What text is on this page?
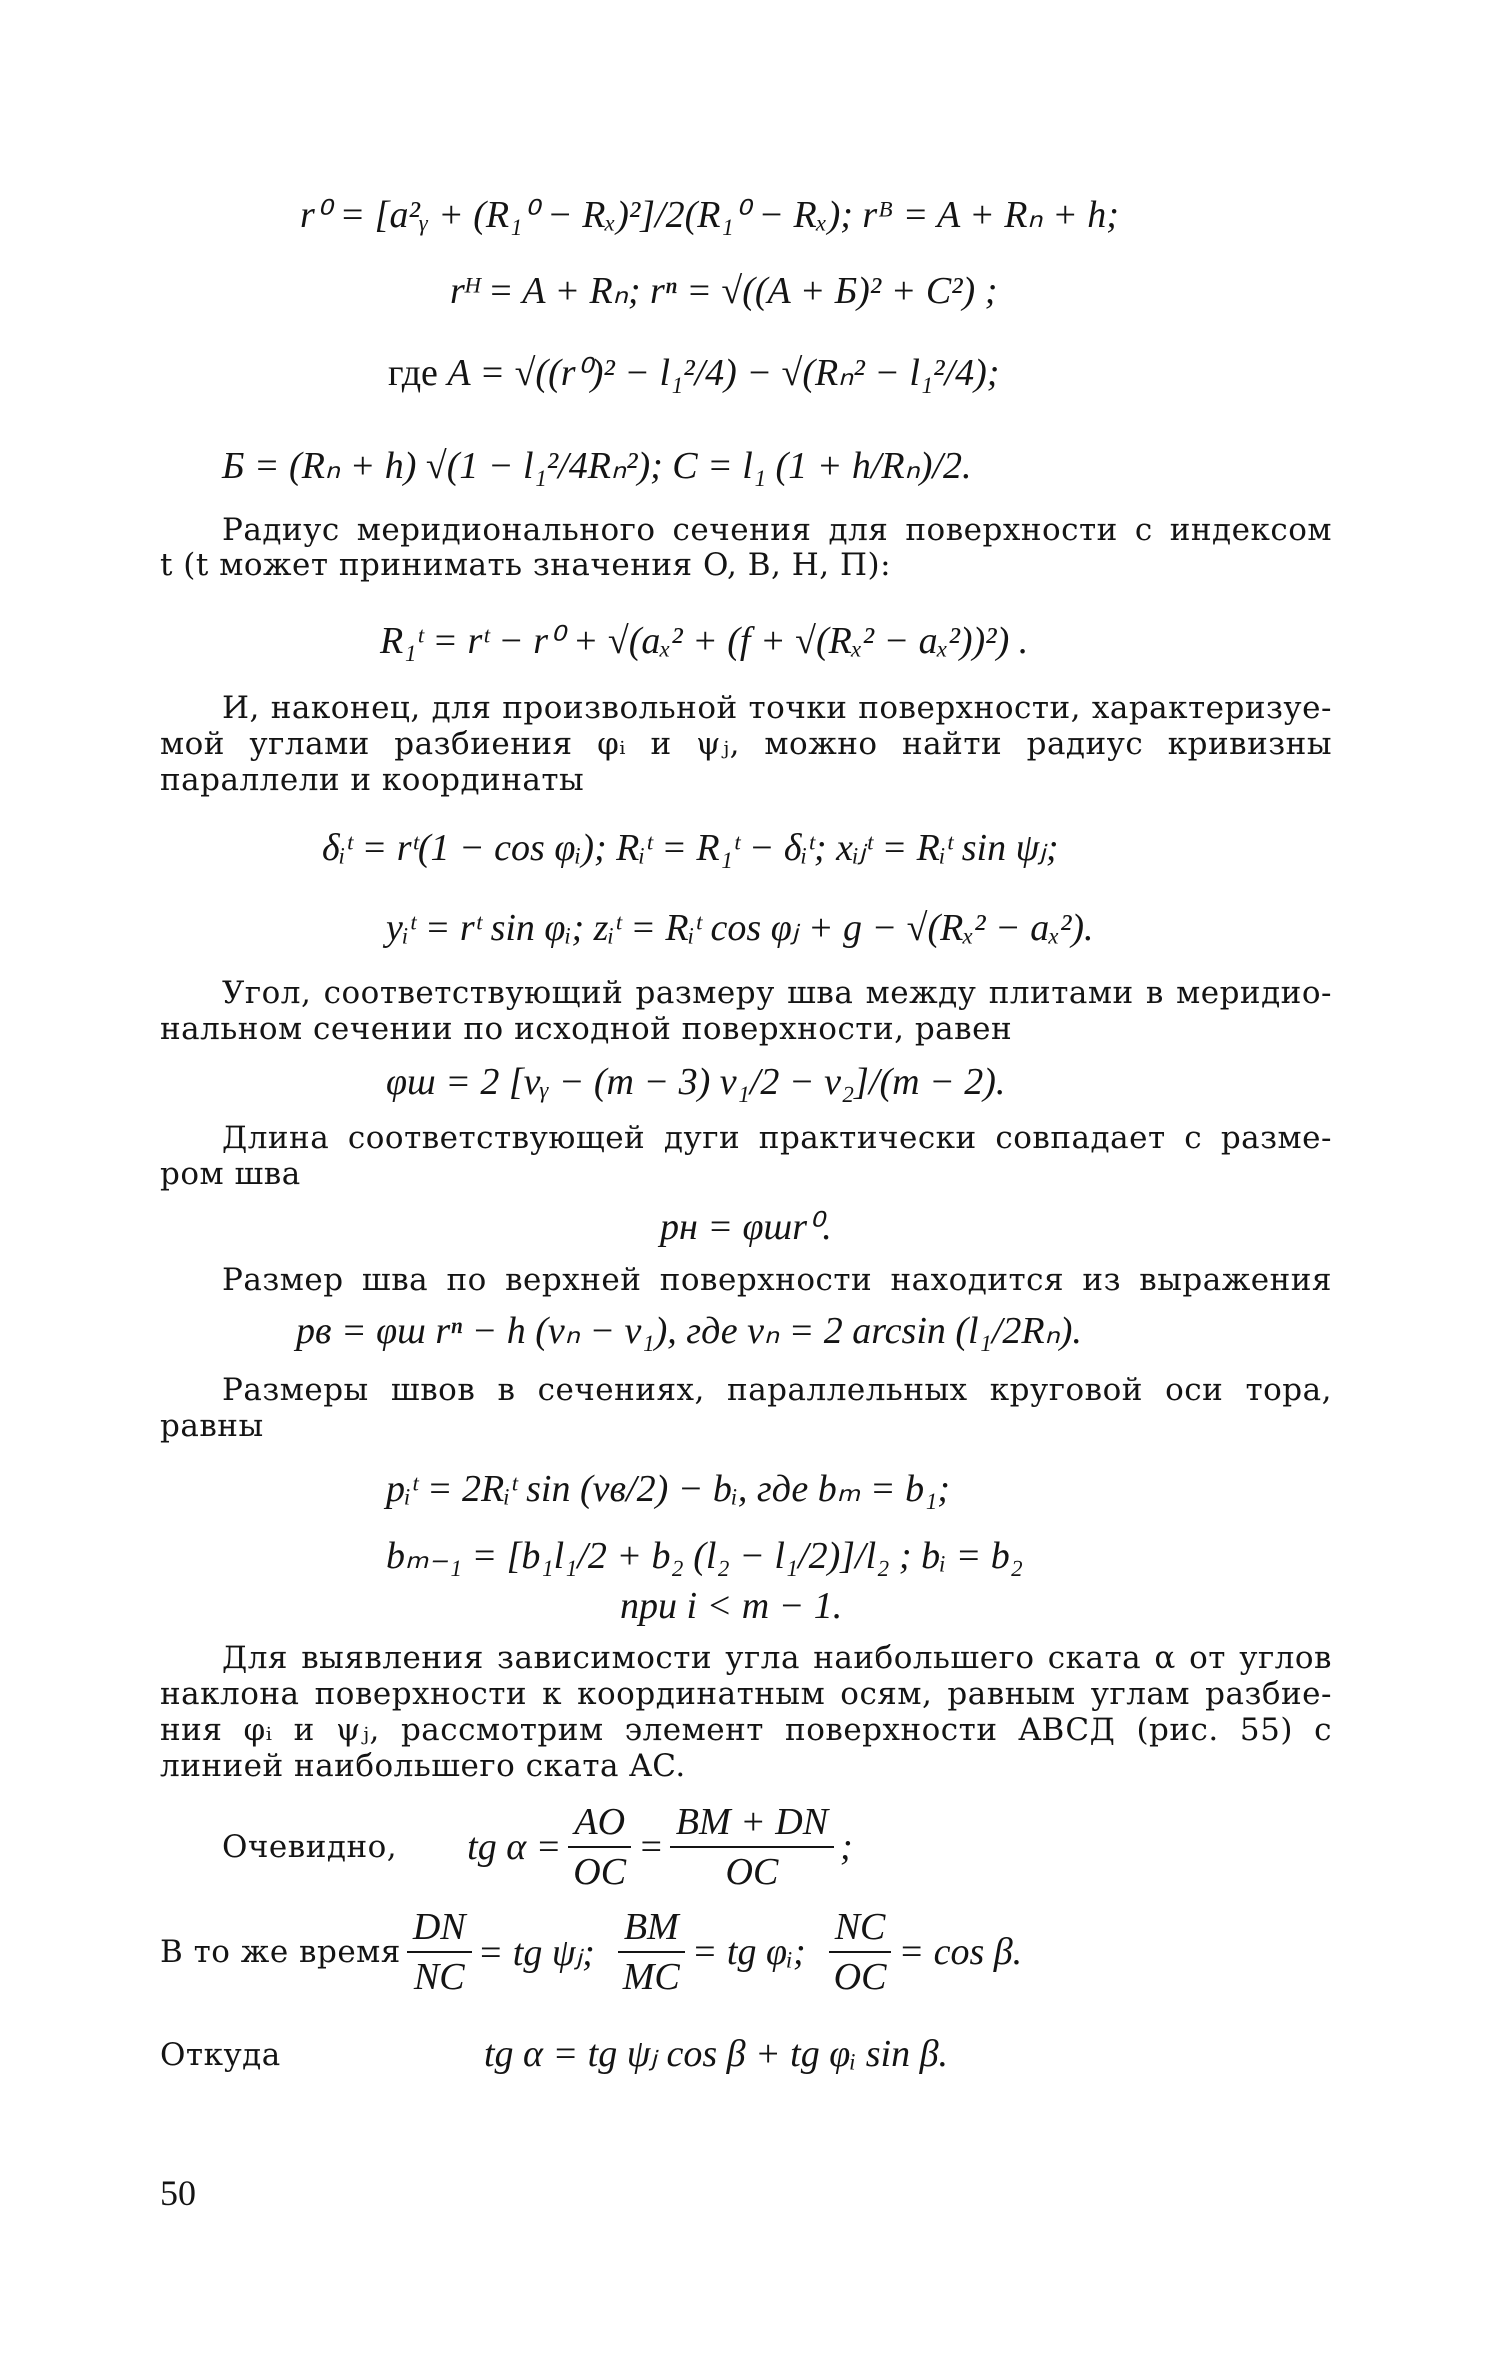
r⁰ = [a²ᵧ + (R₁⁰ − Rₓ)²]/2(R₁⁰ − Rₓ); rᴮ = A + Rₙ + h;
rᴴ = A + Rₙ; rⁿ = √((A + Б)² + C²) ;
где A = √((r⁰)² − l₁²/4) − √(Rₙ² − l₁²/4);
Б = (Rₙ + h) √(1 − l₁²/4Rₙ²); C = l₁ (1 + h/Rₙ)/2.
Радиус меридионального сечения для поверхности с индексом
t (t может принимать значения O, B, H, П):
R₁ᵗ = rᵗ − r⁰ + √(aₓ² + (f + √(Rₓ² − aₓ²))²) .
И, наконец, для произвольной точки поверхности, характеризуе-
мой углами разбиения φᵢ и ψⱼ, можно найти радиус кривизны
параллели и координаты
δᵢᵗ = rᵗ(1 − cos φᵢ); Rᵢᵗ = R₁ᵗ − δᵢᵗ; xᵢⱼᵗ = Rᵢᵗ sin ψⱼ;
yᵢᵗ = rᵗ sin φᵢ; zᵢᵗ = Rᵢᵗ cos φⱼ + g − √(Rₓ² − aₓ²).
Угол, соответствующий размеру шва между плитами в меридио-
нальном сечении по исходной поверхности, равен
φш = 2 [vᵧ − (m − 3) v₁/2 − v₂]/(m − 2).
Длина соответствующей дуги практически совпадает с разме-
ром шва
pн = φшr⁰.
Размер шва по верхней поверхности находится из выражения
pв = φш rⁿ − h (vₙ − v₁), где vₙ = 2 arcsin (l₁/2Rₙ).
Размеры швов в сечениях, параллельных круговой оси тора,
равны
pᵢᵗ = 2Rᵢᵗ sin (vв/2) − bᵢ, где bₘ = b₁;
bₘ₋₁ = [b₁l₁/2 + b₂ (l₂ − l₁/2)]/l₂ ; bᵢ = b₂
при i < m − 1.
Для выявления зависимости угла наибольшего ската α от углов
наклона поверхности к координатным осям, равным углам разбие-
ния φᵢ и ψⱼ, рассмотрим элемент поверхности ABCД (рис. 55) с
линией наибольшего ската AC.
Очевидно, tg $\alpha = \frac{AO}{OC} = \frac{BM + DN}{OC}$ ;
В то же время $\frac{DN}{NC}$ = tg ψⱼ; $\frac{BM}{MC}$ = tg φᵢ; $\frac{NC}{OC} = \cos \beta$.
Откуда	tg α = tg ψⱼ cos β + tg φᵢ sin β.
50
